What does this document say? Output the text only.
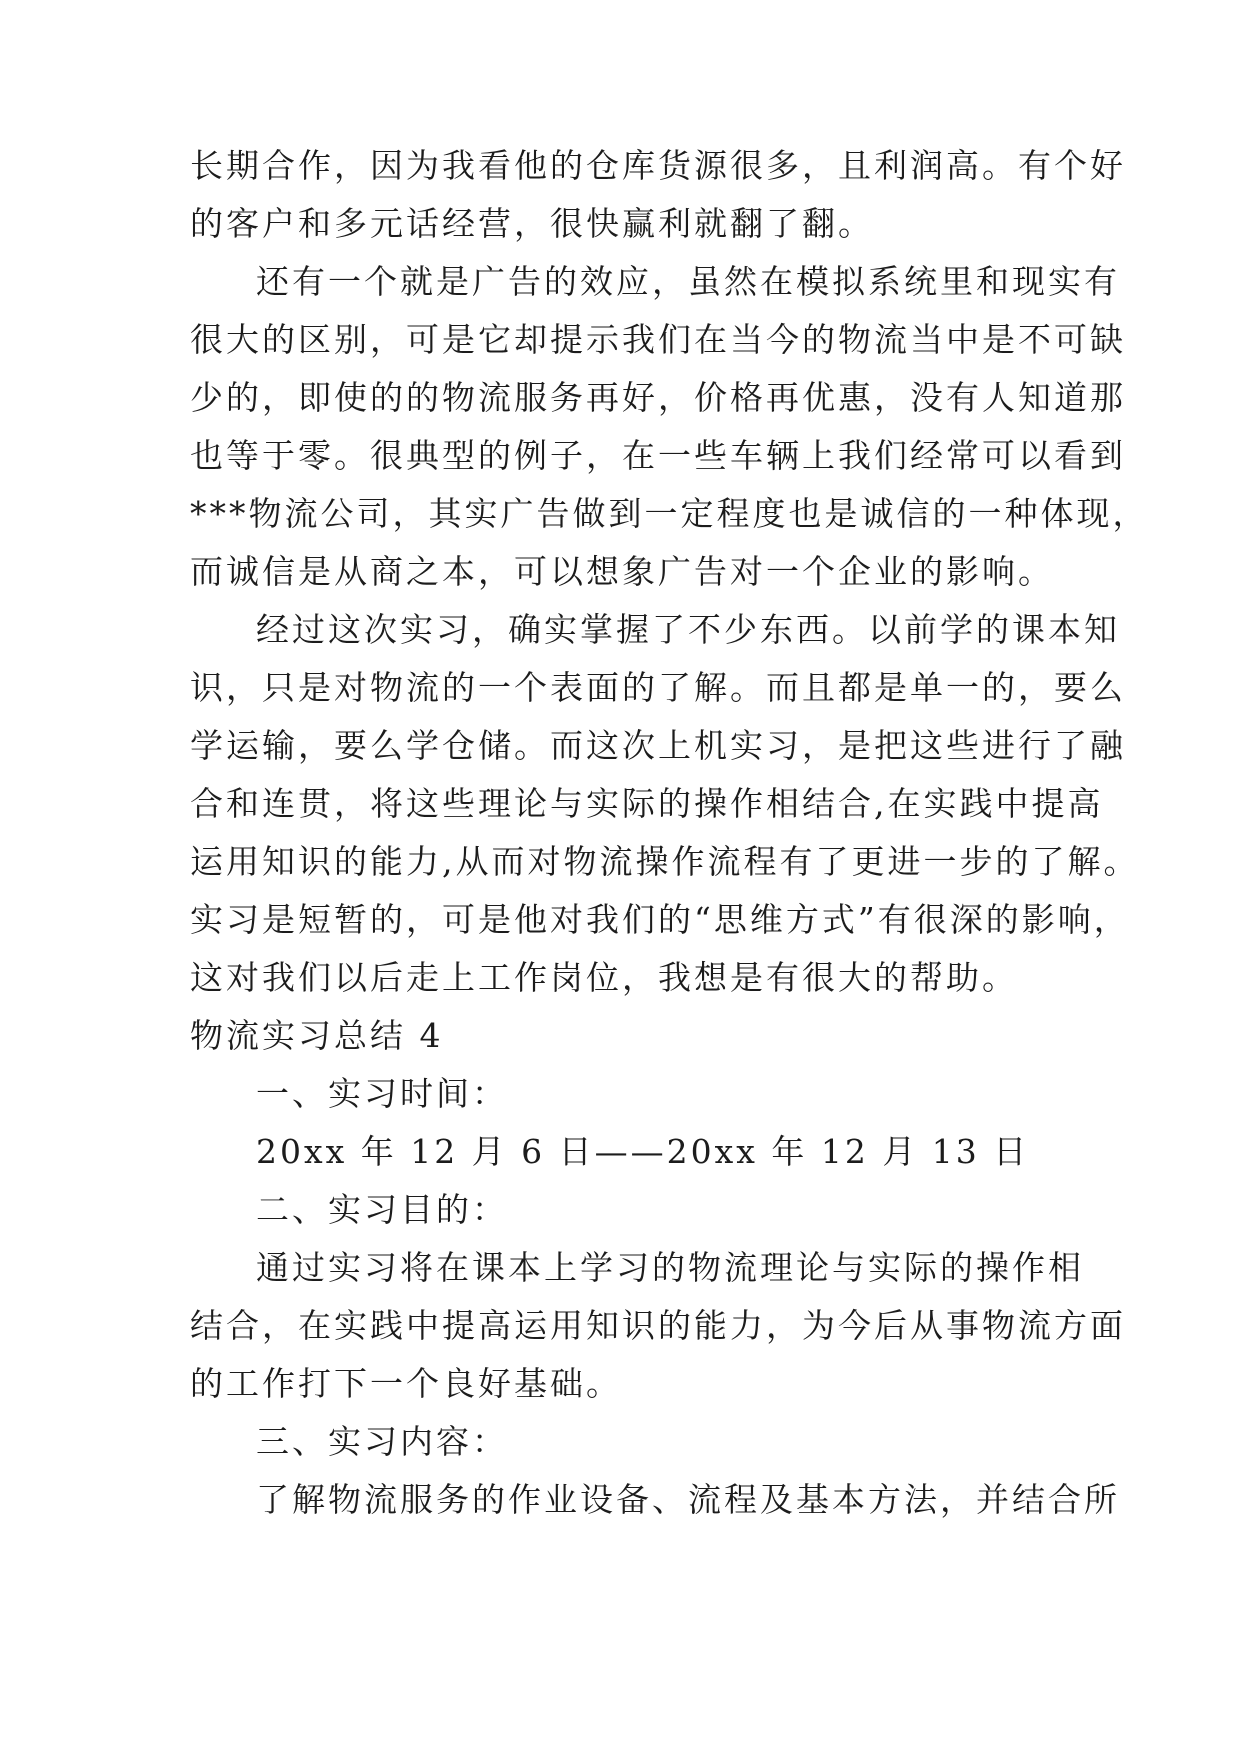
长期合作，因为我看他的仓库货源很多，且利润高。有个好
的客户和多元话经营，很快赢利就翻了翻。
还有一个就是广告的效应，虽然在模拟系统里和现实有
很大的区别，可是它却提示我们在当今的物流当中是不可缺
少的，即使的的物流服务再好，价格再优惠，没有人知道那
也等于零。很典型的例子，在一些车辆上我们经常可以看到
***物流公司，其实广告做到一定程度也是诚信的一种体现，
而诚信是从商之本，可以想象广告对一个企业的影响。
经过这次实习，确实掌握了不少东西。以前学的课本知
识，只是对物流的一个表面的了解。而且都是单一的，要么
学运输，要么学仓储。而这次上机实习，是把这些进行了融
合和连贯，将这些理论与实际的操作相结合,在实践中提高
运用知识的能力,从而对物流操作流程有了更进一步的了解。
实习是短暂的，可是他对我们的“思维方式”有很深的影响，
这对我们以后走上工作岗位，我想是有很大的帮助。
物流实习总结 4
一、实习时间：
20xx 年 12 月 6 日——20xx 年 12 月 13 日
二、实习目的：
通过实习将在课本上学习的物流理论与实际的操作相
结合，在实践中提高运用知识的能力，为今后从事物流方面
的工作打下一个良好基础。
三、实习内容：
了解物流服务的作业设备、流程及基本方法，并结合所
